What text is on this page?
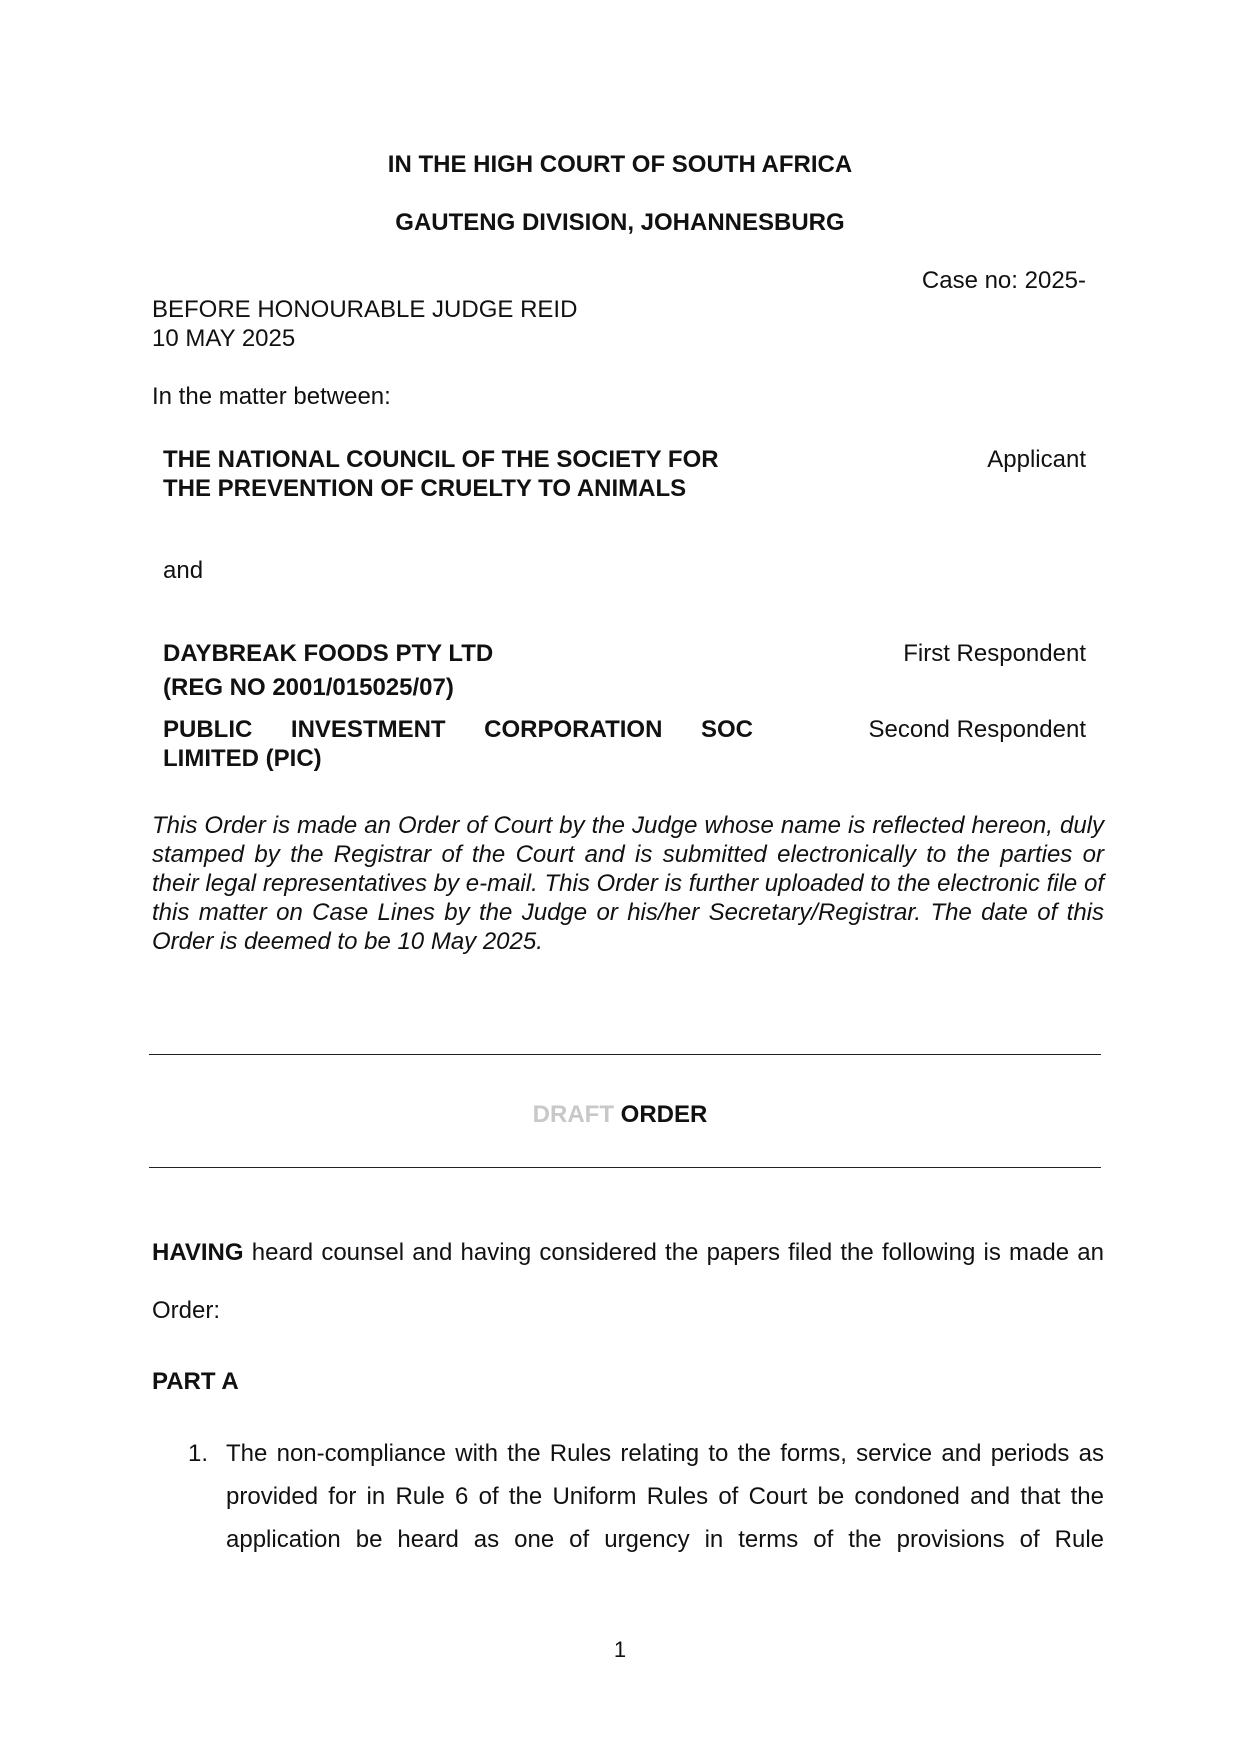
IN THE HIGH COURT OF SOUTH AFRICA
GAUTENG DIVISION, JOHANNESBURG
Case no: 2025-
BEFORE HONOURABLE JUDGE REID
10 MAY 2025
In the matter between:
THE NATIONAL COUNCIL OF THE SOCIETY FOR
THE PREVENTION OF CRUELTY TO ANIMALS
Applicant
and
DAYBREAK FOODS PTY LTD
(REG NO 2001/015025/07)
First Respondent
PUBLIC INVESTMENT CORPORATION SOC
LIMITED (PIC)
Second Respondent
This Order is made an Order of Court by the Judge whose name is reflected hereon, duly stamped by the Registrar of the Court and is submitted electronically to the parties or their legal representatives by e-mail. This Order is further uploaded to the electronic file of this matter on Case Lines by the Judge or his/her Secretary/Registrar. The date of this Order is deemed to be 10 May 2025.
DRAFT ORDER
HAVING heard counsel and having considered the papers filed the following is made an Order:
PART A
1. The non-compliance with the Rules relating to the forms, service and periods as provided for in Rule 6 of the Uniform Rules of Court be condoned and that the application be heard as one of urgency in terms of the provisions of Rule
1
